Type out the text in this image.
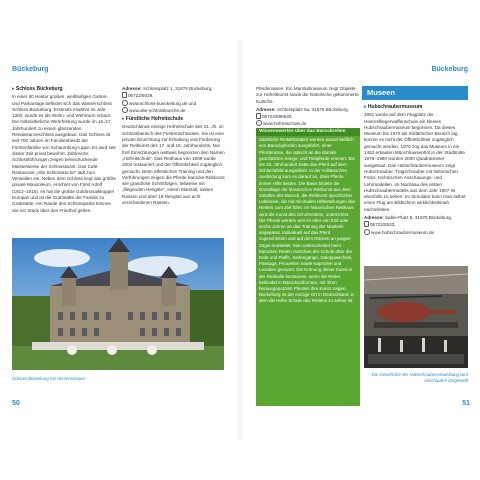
Bückeburg

▸ Schloss Bückeburg

In einer 80 Hektar großen, weitläufigen Garten- und Parkanlage befindet sich das Wasserschloss Schloss Bückeburg. Erstmals erwähnt im Jahr 1300, wurde es als Wohn- und Wehrturm erbaut. Die mittelalterliche Wehrfestung wurde im 16./17. Jahrhundert zu einem glänzenden Renaissanceschloss ausgebaut. Das Schloss ist seit 700 Jahren im Familienbesitz der Fürstenfamilie von Schaumburg-Lippe. Es wird seit dieser Zeit privat bewohnt. Zahlreiche Schlossführungen zeigen beeindruckende Meisterwerke der Schlosskunst. Das Café-Restaurant „Alte Schlossküche“ lädt zum Verweilen ein. Neben dem Schloss liegt das größte private Mausoleum, errichtet von Fürst Adolf (1911–1915), es hat die größte Goldmosaikkuppel Europas und ist die Grabstätte der Familie zu Grabstätte. Am Rande des Schlossparks können Sie ein Stück über den Friedhof gehen.

Adresse: Schlossplatz 1, 31675 Bückeburg,
05722/5039,
www.schloss-bueckeburg.de und
www.alte-schlosskueche.de

▸ Fürstliche Hofreitschule

Deutschlands einzige Hofreitschule des 21. Jh. im Schlossbereich des Fürstenschlosses. Sie ist eine private Einrichtung zur Erhaltung und Förderung der Reitkunst des 17. und 18. Jahrhunderts. Nur fünf Einrichtungen weltweit begrenzen den Namen „Hofreitschule“. Das Reithaus von 1609 wurde 2004 restauriert und der Öffentlichkeit zugänglich gemacht. Beim öffentlichen Training und den Vorführungen zeigen die Pferde barocke Reitkunst wie grandiose Schrittfolgen, teilweise mit „fliegenden Hengste“, einem Marstall, sieben Rassen und über 18 Hengste aus acht verschiedenen Rassen.

Schloss Bückeburg mit Herzensmauer
50
Bückeburg

Pferderassen. Ein Marstallmuseum zeigt Objekte zur Hofreitkunst sowie die historische gekümmerte Kutsche.

Adresse: Schlossplatz 5a, 31675 Bückeburg,
05722/898530,
www.hofreitschule.de

Wissenswertes über das Barockreiten
Sämtliche Reitaktivitäten werden ausschließlich von Barockpferden ausgeführt, einer Pferderasse, die optisch an die damals geschätzten Kriegs- und Reitpferde erinnert. Bis ins 18. Jahrhundert hatte das Pferd auf dem Schlachtfeld ausgedient. In der militärischen Ausbildung kam es darauf an, dass Pferde immer Hilfe leisten. Die Basis bildete die Grundlage der klassischen Reitkunst aus dem Zeitalter des Barock, die Reitkunst spezifischer Lektionen, die mit minimalen Hilfestellungen des Reiters zum Ziel führt. Im historischen Reithaus wird die Kunst des Schrittreitens, unterrichtet. Die Pferde werden erst im Alter von fünf oder sechs Jahren an das Training der Muskeln angepasst. Individuell auf das Pferd zugeschnitten und auf dem Rücken an jungen Zügel erarbeitet. Man unterscheidet beim barocken Reiten zwischen der Schule über der Erde und Piaffe, Seitengänge, Galoppwechsel, Passage, Pirouetten sowie Kapriolen und Levaden genannt. Die Krönung dieser Kunst in der Reithalle bestaunen, wenn die Reiter, bekleidet in Barockuniformen, mit ihren herausgeputzten Pferden ihre Kunst zeigen. Bückeburg ist der einzige Ort in Deutschland, in dem die Hohe Schule des Reitens zu sehen ist.
Museen

▸ Hubschraubermuseum

1961 wurde auf dem Flugplatz der Heeresfliegerwaffenschule ein kleines Hubschraubermuseum begonnen. Da dieses Museum bis 1970 als militärischer Bereich lag, konnte es nicht der Öffentlichkeit zugänglich gemacht werden. 1970 zog das Museum in ein 1463 erbauten Münchhausenhof in der Stadtmitte. 1978–1980 wurden 2000 Quadratmeter ausgebaut. Das Hubschraubermuseum zeigt Hubschrauber, Tragschrauber mit historischen Fotos, technischen Anschauungs- und Lehrmodellen. Im Nachbau des ersten Hubschraubermodells aus dem Jahr 1907 ist ebenfalls zu sehen. Im Simulator kann man selbst einen Flug am Bildschirm wirklichkeitsnah nacherleben.

Adresse: Sable-Platz 6, 31675 Bückeburg,
05722/5533,
www.hubschraubermuseum.de

Die Geschichte der Hubschrauberentwicklung wird anschaulich dargestellt
51
